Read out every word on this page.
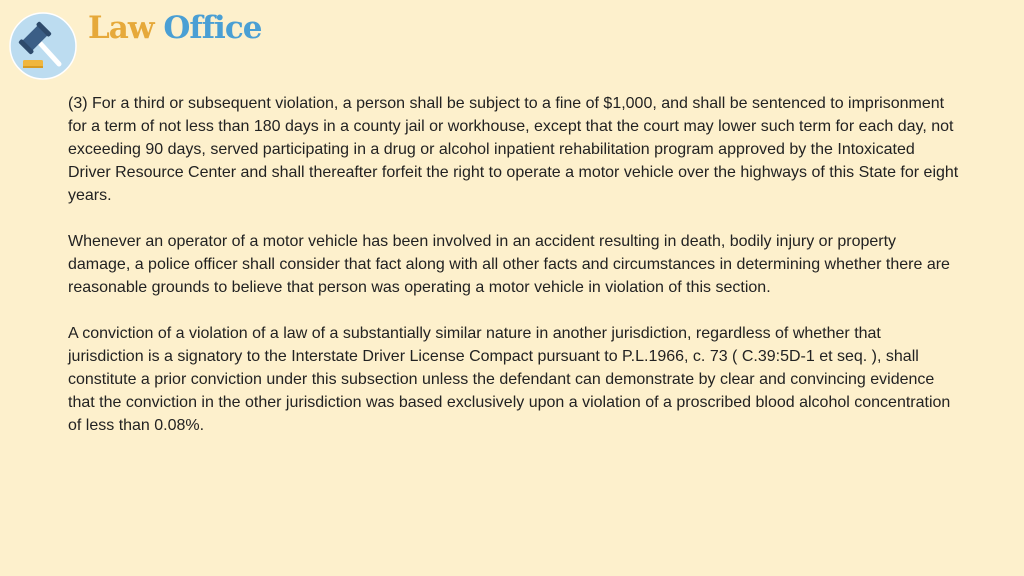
Law Office

(3) For a third or subsequent violation, a person shall be subject to a fine of $1,000, and shall be sentenced to imprisonment for a term of not less than 180 days in a county jail or workhouse, except that the court may lower such term for each day, not exceeding 90 days, served participating in a drug or alcohol inpatient rehabilitation program approved by the Intoxicated Driver Resource Center and shall thereafter forfeit the right to operate a motor vehicle over the highways of this State for eight years.

Whenever an operator of a motor vehicle has been involved in an accident resulting in death, bodily injury or property damage, a police officer shall consider that fact along with all other facts and circumstances in determining whether there are reasonable grounds to believe that person was operating a motor vehicle in violation of this section.

A conviction of a violation of a law of a substantially similar nature in another jurisdiction, regardless of whether that jurisdiction is a signatory to the Interstate Driver License Compact pursuant to P.L.1966, c. 73 ( C.39:5D-1 et seq. ), shall constitute a prior conviction under this subsection unless the defendant can demonstrate by clear and convincing evidence that the conviction in the other jurisdiction was based exclusively upon a violation of a proscribed blood alcohol concentration of less than 0.08%.
